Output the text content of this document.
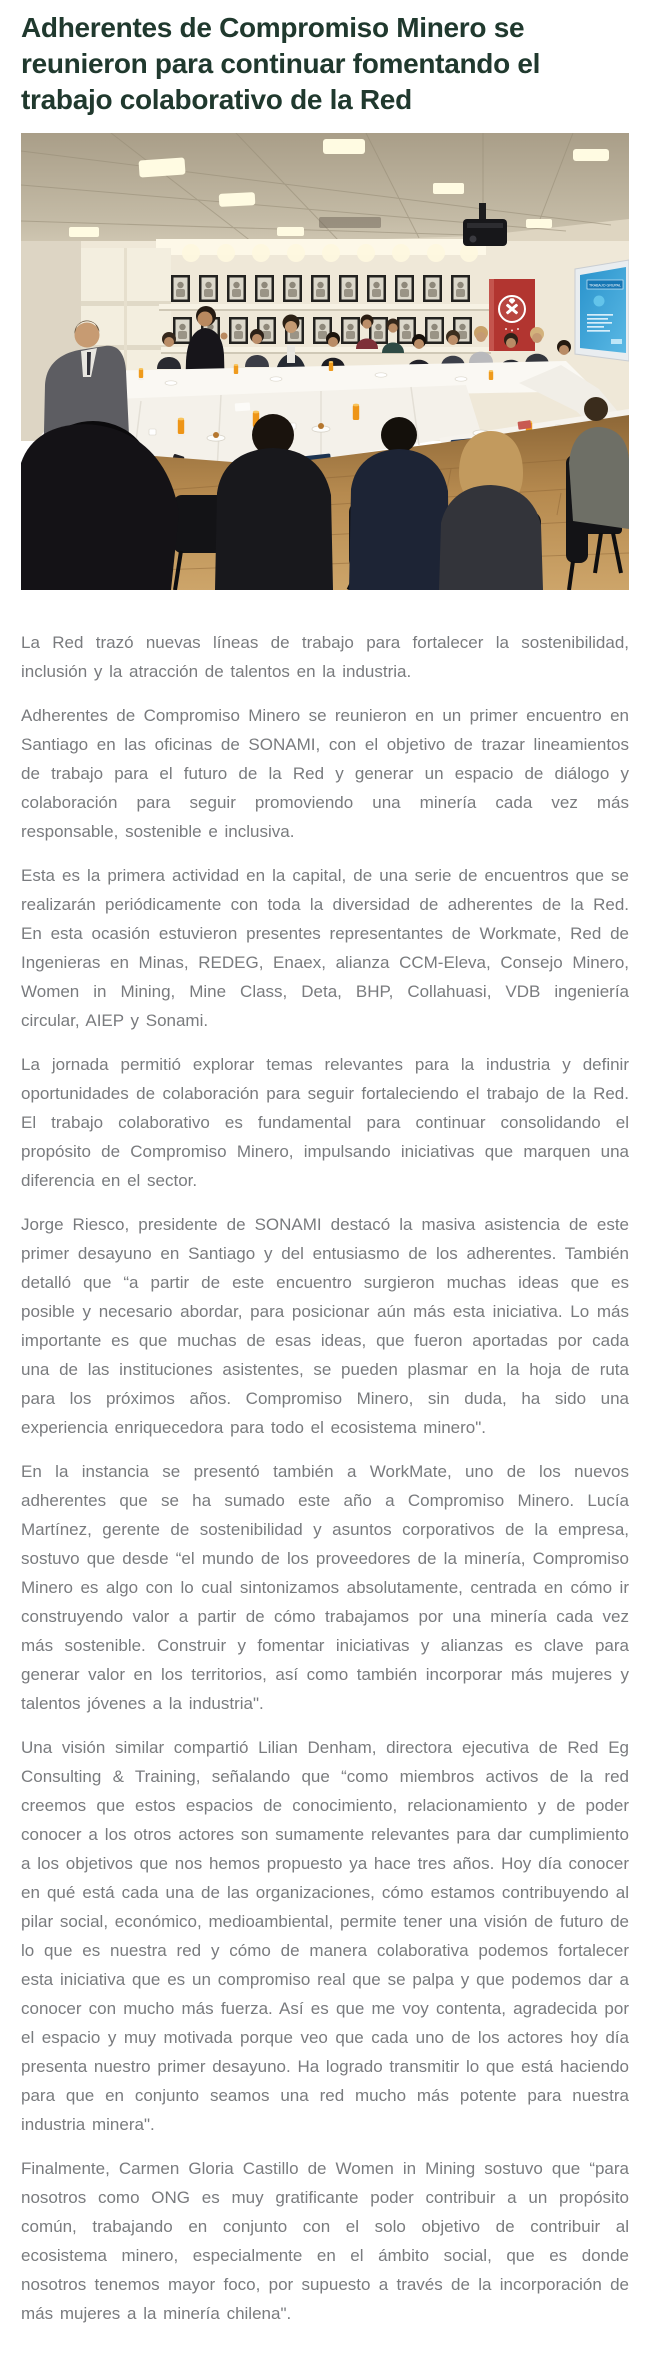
Adherentes de Compromiso Minero se reunieron para continuar fomentando el trabajo colaborativo de la Red
TRABAJO GRUPAL

La Red trazó nuevas líneas de trabajo para fortalecer la sostenibilidad, inclusión y la atracción de talentos en la industria.

Adherentes de Compromiso Minero se reunieron en un primer encuentro en Santiago en las oficinas de SONAMI, con el objetivo de trazar lineamientos de trabajo para el futuro de la Red y generar un espacio de diálogo y colaboración para seguir promoviendo una minería cada vez más responsable, sostenible e inclusiva.

Esta es la primera actividad en la capital, de una serie de encuentros que se realizarán periódicamente con toda la diversidad de adherentes de la Red. En esta ocasión estuvieron presentes representantes de Workmate, Red de Ingenieras en Minas, REDEG, Enaex, alianza CCM-Eleva, Consejo Minero, Women in Mining, Mine Class, Deta, BHP, Collahuasi, VDB ingeniería circular, AIEP y Sonami.

La jornada permitió explorar temas relevantes para la industria y definir oportunidades de colaboración para seguir fortaleciendo el trabajo de la Red. El trabajo colaborativo es fundamental para continuar consolidando el propósito de Compromiso Minero, impulsando iniciativas que marquen una diferencia en el sector.

Jorge Riesco, presidente de SONAMI destacó la masiva asistencia de este primer desayuno en Santiago y del entusiasmo de los adherentes. También detalló que “a partir de este encuentro surgieron muchas ideas que es posible y necesario abordar, para posicionar aún más esta iniciativa. Lo más importante es que muchas de esas ideas, que fueron aportadas por cada una de las instituciones asistentes, se pueden plasmar en la hoja de ruta para los próximos años. Compromiso Minero, sin duda, ha sido una experiencia enriquecedora para todo el ecosistema minero".

En la instancia se presentó también a WorkMate, uno de los nuevos adherentes que se ha sumado este año a Compromiso Minero. Lucía Martínez, gerente de sostenibilidad y asuntos corporativos de la empresa, sostuvo que desde “el mundo de los proveedores de la minería, Compromiso Minero es algo con lo cual sintonizamos absolutamente, centrada en cómo ir construyendo valor a partir de cómo trabajamos por una minería cada vez más sostenible. Construir y fomentar iniciativas y alianzas es clave para generar valor en los territorios, así como también incorporar más mujeres y talentos jóvenes a la industria".

Una visión similar compartió Lilian Denham, directora ejecutiva de Red Eg Consulting & Training, señalando que “como miembros activos de la red creemos que estos espacios de conocimiento, relacionamiento y de poder conocer a los otros actores son sumamente relevantes para dar cumplimiento a los objetivos que nos hemos propuesto ya hace tres años. Hoy día conocer en qué está cada una de las organizaciones, cómo estamos contribuyendo al pilar social, económico, medioambiental, permite tener una visión de futuro de lo que es nuestra red y cómo de manera colaborativa podemos fortalecer esta iniciativa que es un compromiso real que se palpa y que podemos dar a conocer con mucho más fuerza. Así es que me voy contenta, agradecida por el espacio y muy motivada porque veo que cada uno de los actores hoy día presenta nuestro primer desayuno. Ha logrado transmitir lo que está haciendo para que en conjunto seamos una red mucho más potente para nuestra industria minera".

Finalmente, Carmen Gloria Castillo de Women in Mining sostuvo que “para nosotros como ONG es muy gratificante poder contribuir a un propósito común, trabajando en conjunto con el solo objetivo de contribuir al ecosistema minero, especialmente en el ámbito social, que es donde nosotros tenemos mayor foco, por supuesto a través de la incorporación de más mujeres a la minería chilena".
